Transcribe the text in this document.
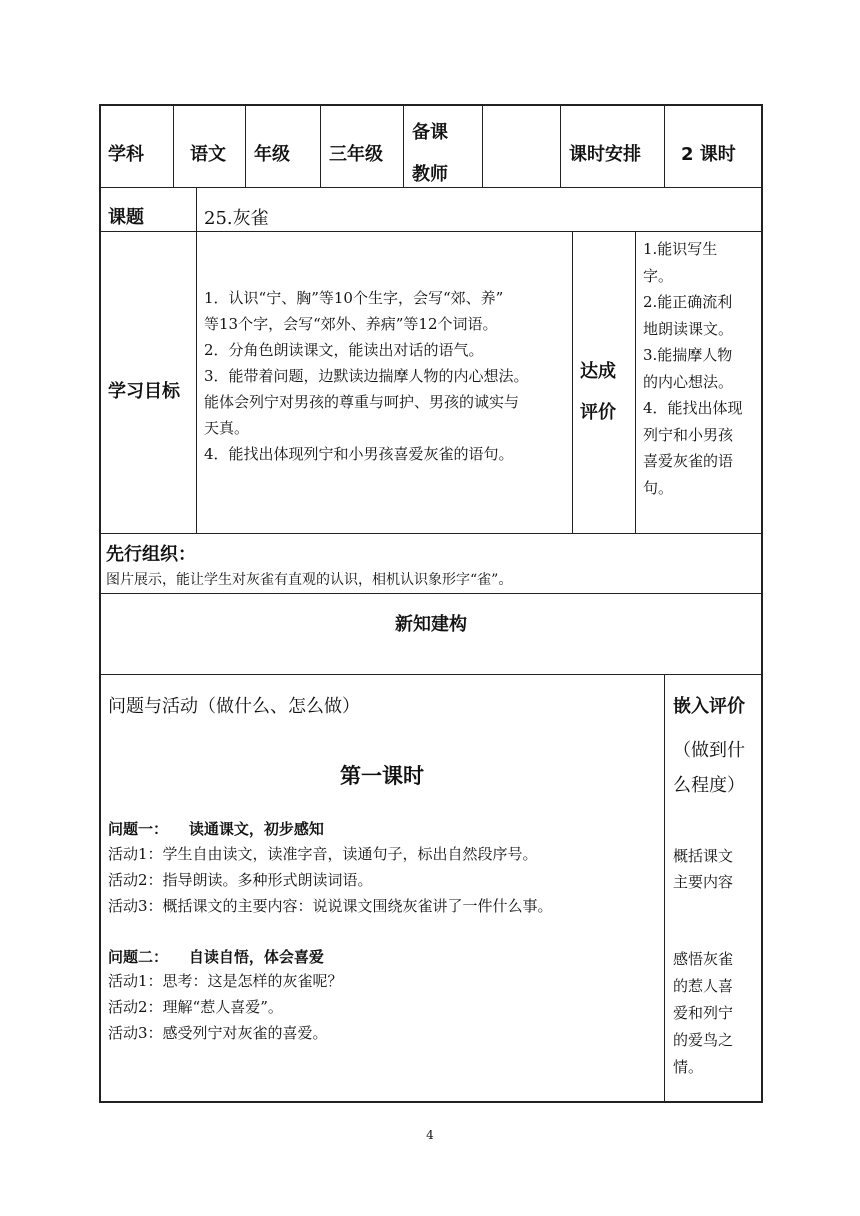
学科	语文 年级 三年级
备课
教师
课时安排 2 课时
课题	25.灰雀
学习目标
1．认识“宁、胸”等10个生字，会写“郊、养”
等13个字，会写“郊外、养病”等12个词语。
2．分角色朗读课文，能读出对话的语气。
3．能带着问题，边默读边揣摩人物的内心想法。
能体会列宁对男孩的尊重与呵护、男孩的诚实与
天真。
4．能找出体现列宁和小男孩喜爱灰雀的语句。
达成
评价
1.能识写生
字。
2.能正确流利
地朗读课文。
3.能揣摩人物
的内心想法。
4．能找出体现
列宁和小男孩
喜爱灰雀的语
句。
先行组织：
图片展示，能让学生对灰雀有直观的认识，相机认识象形字“雀”。
新知建构
问题与活动（做什么、怎么做）
第一课时
问题一：    读通课文，初步感知
活动1：学生自由读文，读准字音，读通句子，标出自然段序号。
活动2：指导朗读。多种形式朗读词语。
活动3：概括课文的主要内容：说说课文围绕灰雀讲了一件什么事。
问题二：    自读自悟，体会喜爱
活动1：思考：这是怎样的灰雀呢？
活动2：理解“惹人喜爱”。
活动3：感受列宁对灰雀的喜爱。
嵌入评价
（做到什
么程度）
概括课文
主要内容
感悟灰雀
的惹人喜
爱和列宁
的爱鸟之
情。
4
